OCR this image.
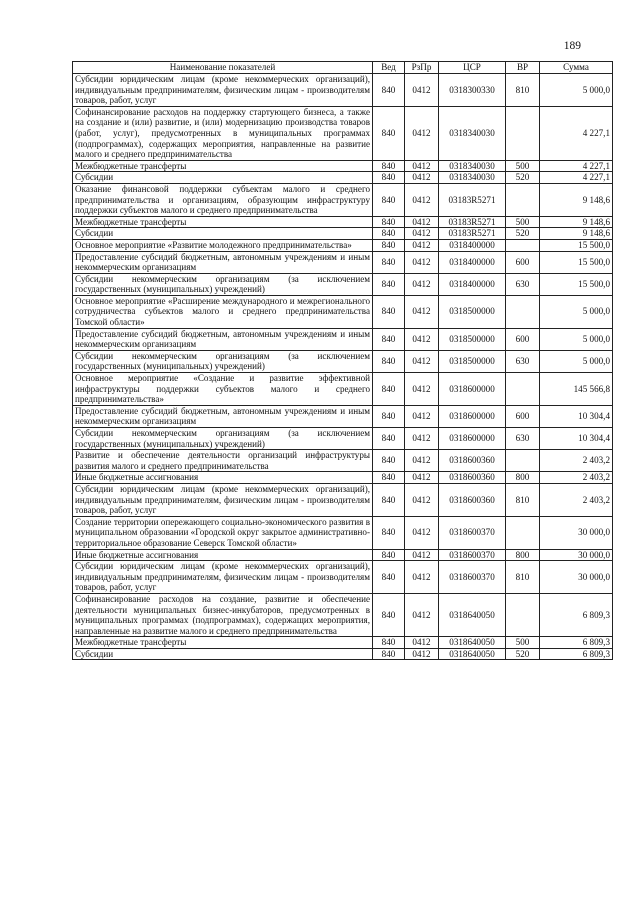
189
Наименование показателей	Вед	РзПр	ЦСР	ВР	Сумма
Субсидии юридическим лицам (кроме некоммерческих организаций), индивидуальным предпринимателям, физическим лицам - производителям товаров, работ, услуг	840	0412	0318300330	810	5 000,0
Софинансирование расходов на поддержку стартующего бизнеса, а также на создание и (или) развитие, и (или) модернизацию производства товаров (работ, услуг), предусмотренных в муниципальных программах (подпрограммах), содержащих мероприятия, направленные на развитие малого и среднего предпринимательства	840	0412	0318340030		4 227,1
Межбюджетные трансферты	840	0412	0318340030	500	4 227,1
Субсидии	840	0412	0318340030	520	4 227,1
Оказание финансовой поддержки субъектам малого и среднего предпринимательства и организациям, образующим инфраструктуру поддержки субъектов малого и среднего предпринимательства	840	0412	03183R5271		9 148,6
Межбюджетные трансферты	840	0412	03183R5271	500	9 148,6
Субсидии	840	0412	03183R5271	520	9 148,6
Основное мероприятие «Развитие молодежного предпринимательства»	840	0412	0318400000		15 500,0
Предоставление субсидий бюджетным, автономным учреждениям и иным некоммерческим организациям	840	0412	0318400000	600	15 500,0
Субсидии некоммерческим организациям (за исключением государственных (муниципальных) учреждений)	840	0412	0318400000	630	15 500,0
Основное мероприятие «Расширение международного и межрегионального сотрудничества субъектов малого и среднего предпринимательства Томской области»	840	0412	0318500000		5 000,0
Предоставление субсидий бюджетным, автономным учреждениям и иным некоммерческим организациям	840	0412	0318500000	600	5 000,0
Субсидии некоммерческим организациям (за исключением государственных (муниципальных) учреждений)	840	0412	0318500000	630	5 000,0
Основное мероприятие «Создание и развитие эффективной инфраструктуры поддержки субъектов малого и среднего предпринимательства»	840	0412	0318600000		145 566,8
Предоставление субсидий бюджетным, автономным учреждениям и иным некоммерческим организациям	840	0412	0318600000	600	10 304,4
Субсидии некоммерческим организациям (за исключением государственных (муниципальных) учреждений)	840	0412	0318600000	630	10 304,4
Развитие и обеспечение деятельности организаций инфраструктуры развития малого и среднего предпринимательства	840	0412	0318600360		2 403,2
Иные бюджетные ассигнования	840	0412	0318600360	800	2 403,2
Субсидии юридическим лицам (кроме некоммерческих организаций), индивидуальным предпринимателям, физическим лицам - производителям товаров, работ, услуг	840	0412	0318600360	810	2 403,2
Создание территории опережающего социально-экономического развития в муниципальном образовании «Городской округ закрытое административно-территориальное образование Северск Томской области»	840	0412	0318600370		30 000,0
Иные бюджетные ассигнования	840	0412	0318600370	800	30 000,0
Субсидии юридическим лицам (кроме некоммерческих организаций), индивидуальным предпринимателям, физическим лицам - производителям товаров, работ, услуг	840	0412	0318600370	810	30 000,0
Софинансирование расходов на создание, развитие и обеспечение деятельности муниципальных бизнес-инкубаторов, предусмотренных в муниципальных программах (подпрограммах), содержащих мероприятия, направленные на развитие малого и среднего предпринимательства	840	0412	0318640050		6 809,3
Межбюджетные трансферты	840	0412	0318640050	500	6 809,3
Субсидии	840	0412	0318640050	520	6 809,3
